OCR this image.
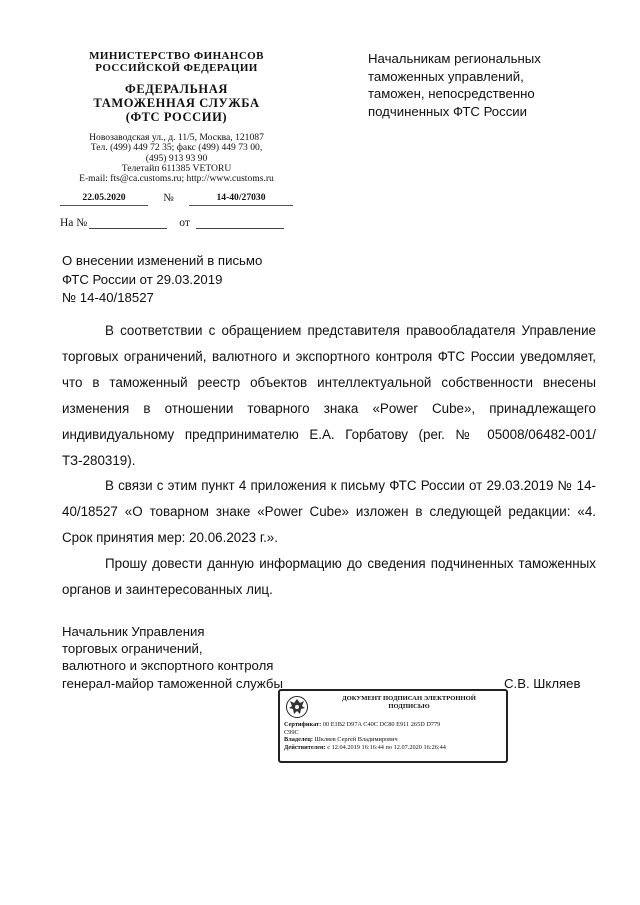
МИНИСТЕРСТВО ФИНАНСОВ
РОССИЙСКОЙ ФЕДЕРАЦИИ
ФЕДЕРАЛЬНАЯ
ТАМОЖЕННАЯ СЛУЖБА
(ФТС РОССИИ)
Новозаводская ул., д. 11/5, Москва, 121087
Тел. (499) 449 72 35; факс (499) 449 73 00,
(495) 913 93 90
Телетайп 611385 VETORU
E-mail: fts@ca.customs.ru; http://www.customs.ru
22.05.2020	№	14-40/27030
На №	от
Начальникам региональных
таможенных управлений,
таможен, непосредственно
подчиненных ФТС России
О внесении изменений в письмо
ФТС России от 29.03.2019
№ 14-40/18527

В соответствии с обращением представителя правообладателя Управление торговых ограничений, валютного и экспортного контроля ФТС России уведомляет, что в таможенный реестр объектов интеллектуальной собственности внесены изменения в отношении товарного знака «Power Cube», принадлежащего индивидуальному предпринимателю Е.А. Горбатову (рег. № 05008/06482-001/ ТЗ-280319).

В связи с этим пункт 4 приложения к письму ФТС России от 29.03.2019 № 14-40/18527 «О товарном знаке «Power Cube» изложен в следующей редакции: «4. Срок принятия мер: 20.06.2023 г.».

Прошу довести данную информацию до сведения подчиненных таможенных органов и заинтересованных лиц.

Начальник Управления
торговых ограничений,
валютного и экспортного контроля
генерал-майор таможенной службы	С.В. Шкляев
ДОКУМЕНТ ПОДПИСАН ЭЛЕКТРОННОЙ
ПОДПИСЬЮ
Сертификат: 00 E1B2 D97A C40C DC80 E911 265D D779
C99C
Владелец: Шкляев Сергей Владимирович
Действителен: с 12.04.2019 16:16:44 по 12.07.2020 16:26:44
